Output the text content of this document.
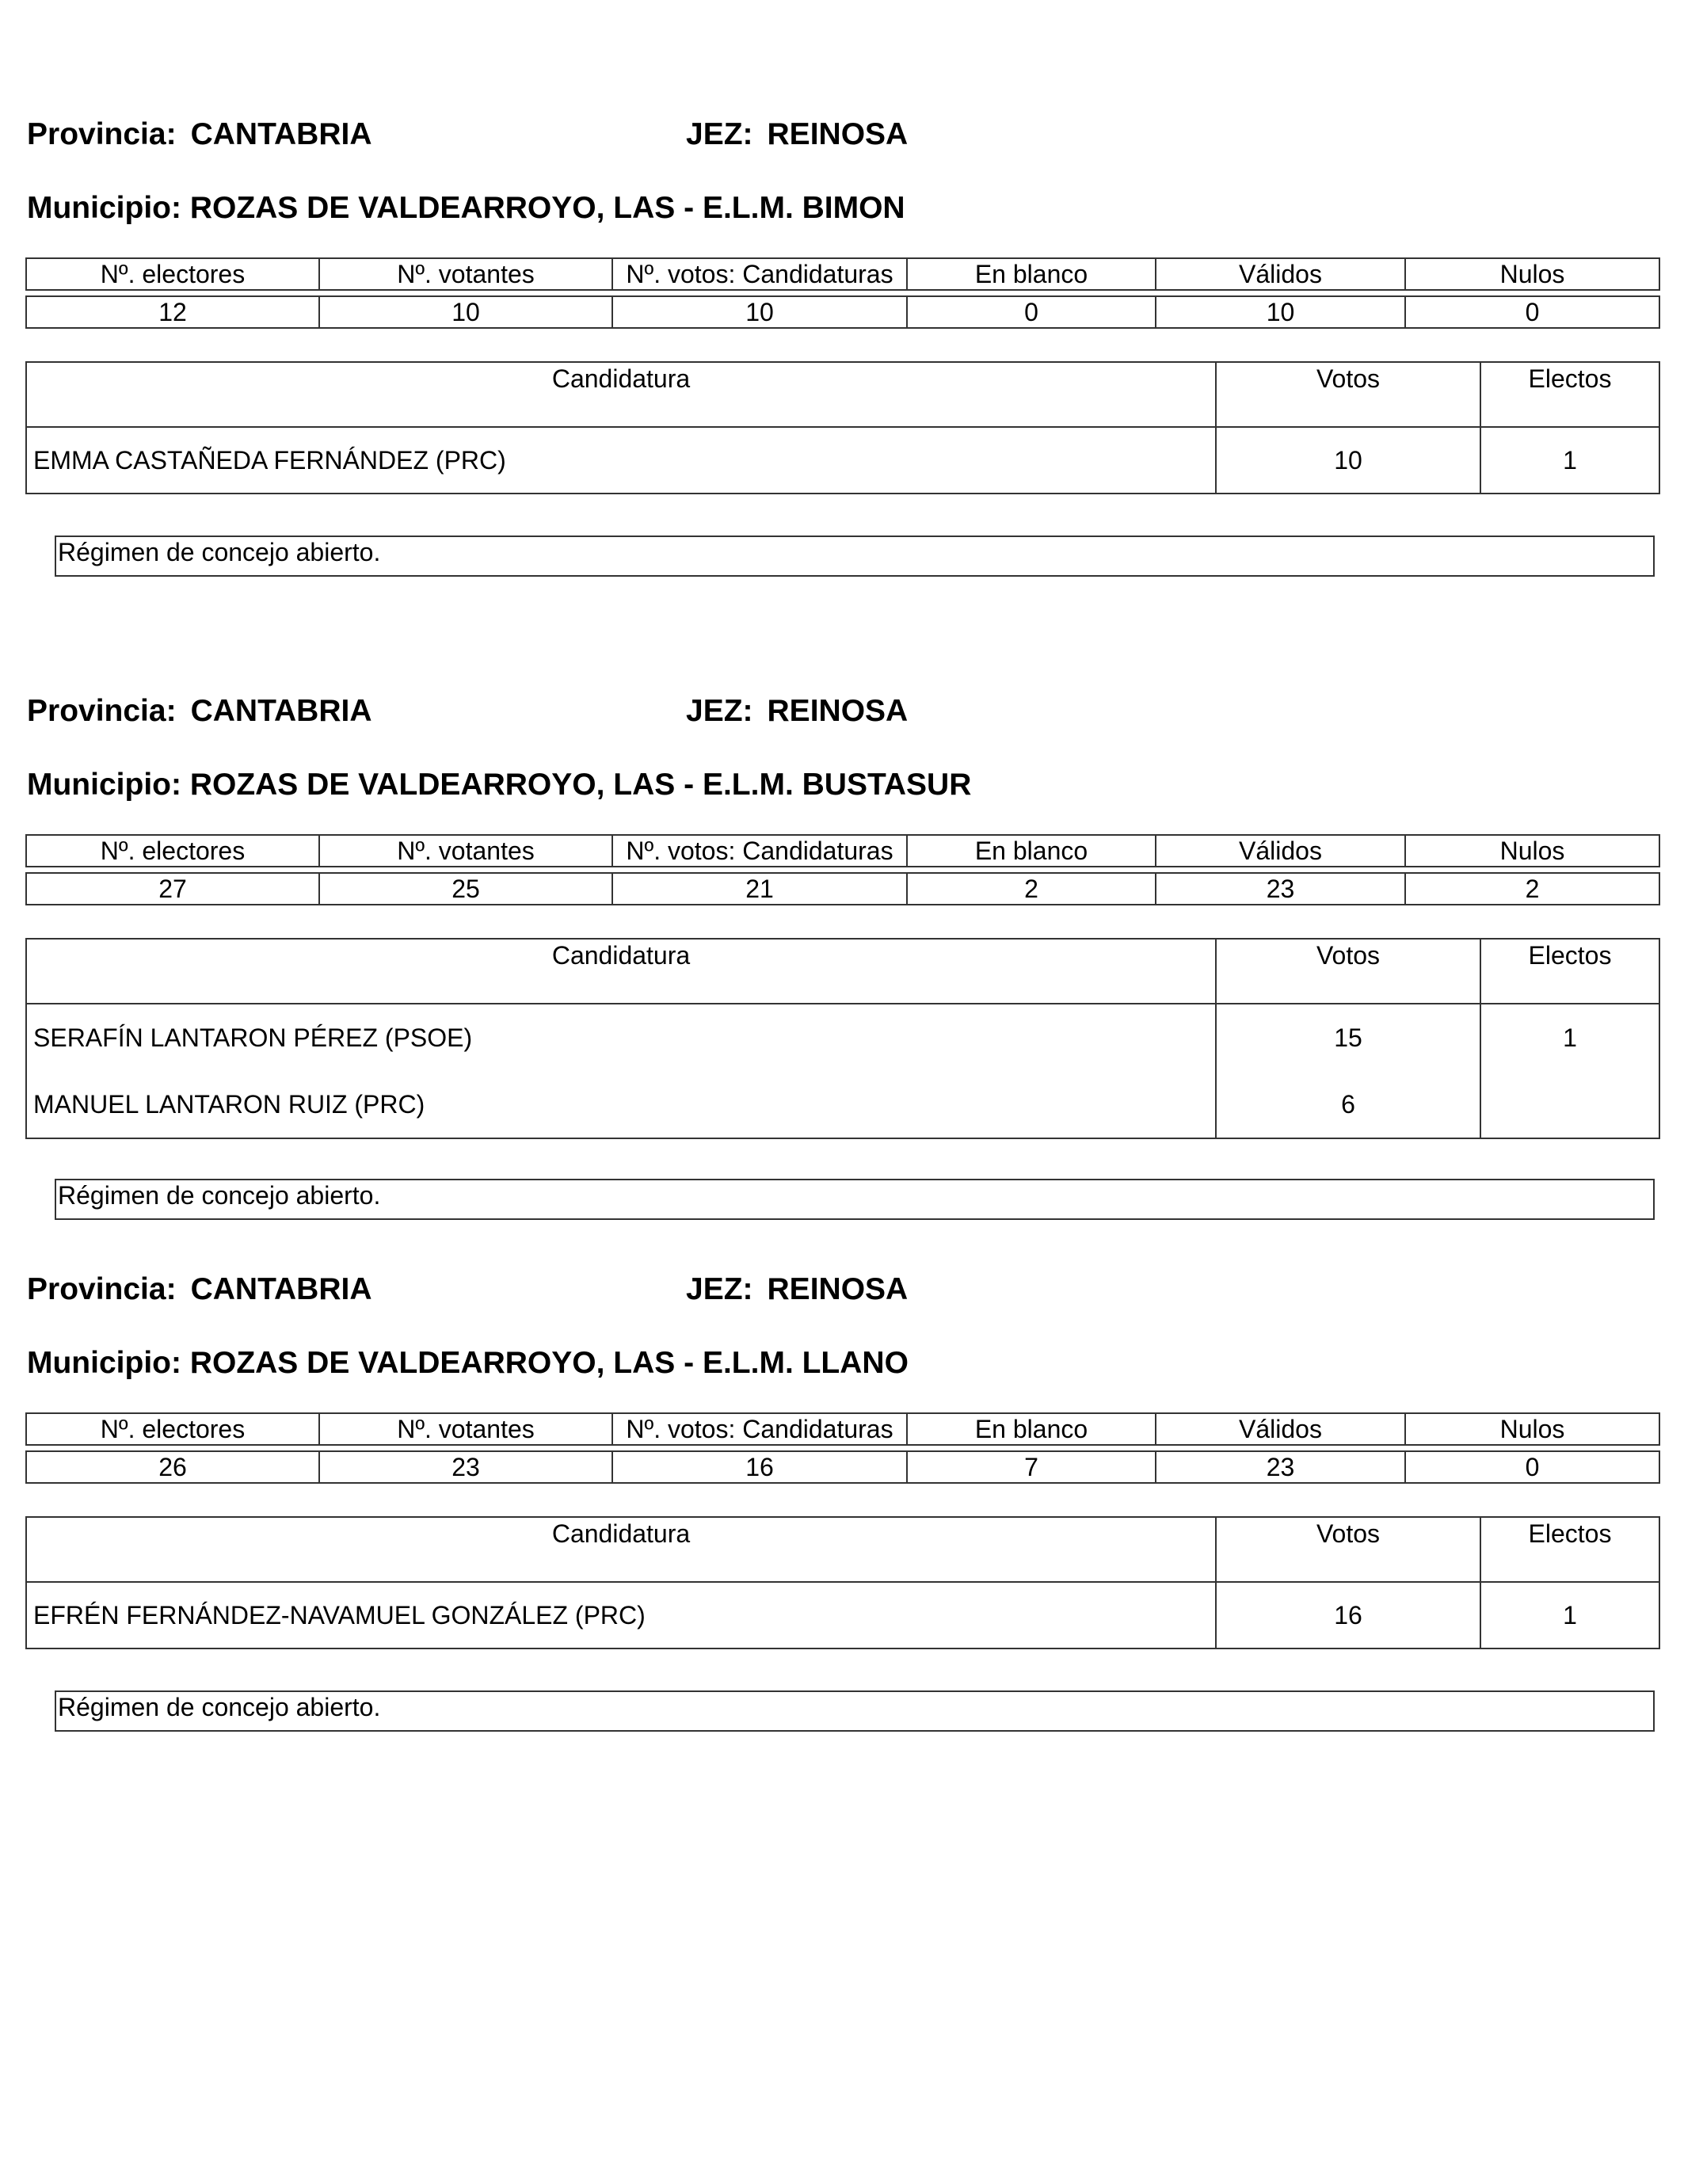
Provincia: CANTABRIA	JEZ: REINOSA
Municipio: ROZAS DE VALDEARROYO, LAS - E.L.M. BIMON
Nº. electores	Nº. votantes	Nº. votos: Candidaturas	En blanco	Válidos	Nulos

12	10	10	0	10	0
Candidatura	Votos	Electos
EMMA CASTAÑEDA FERNÁNDEZ (PRC)	10	1
Régimen de concejo abierto.
Provincia: CANTABRIA	JEZ: REINOSA
Municipio: ROZAS DE VALDEARROYO, LAS - E.L.M. BUSTASUR
Nº. electores	Nº. votantes	Nº. votos: Candidaturas	En blanco	Válidos	Nulos

27	25	21	2	23	2
Candidatura	Votos	Electos
SERAFÍN LANTARON PÉREZ (PSOE)	15	1
MANUEL LANTARON RUIZ (PRC)	6	
Régimen de concejo abierto.
Provincia: CANTABRIA	JEZ: REINOSA
Municipio: ROZAS DE VALDEARROYO, LAS - E.L.M. LLANO
Nº. electores	Nº. votantes	Nº. votos: Candidaturas	En blanco	Válidos	Nulos

26	23	16	7	23	0
Candidatura	Votos	Electos
EFRÉN FERNÁNDEZ-NAVAMUEL GONZÁLEZ (PRC)	16	1
Régimen de concejo abierto.
